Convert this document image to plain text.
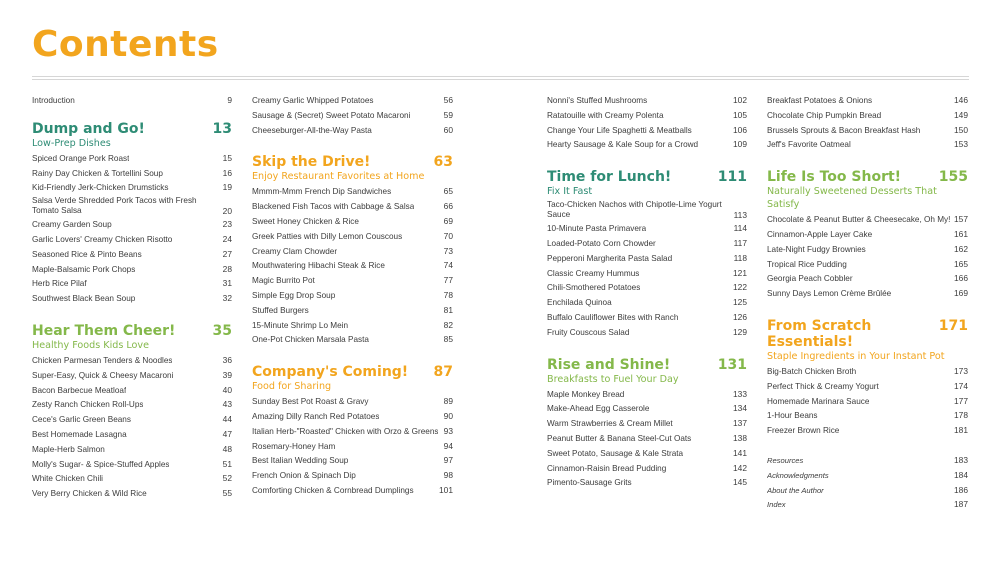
Contents
Introduction	9
Dump and Go!	13
Low-Prep Dishes
Spiced Orange Pork Roast	15
Rainy Day Chicken & Tortellini Soup	16
Kid-Friendly Jerk-Chicken Drumsticks	19
Salsa Verde Shredded Pork Tacos with Fresh Tomato Salsa	20
Creamy Garden Soup	23
Garlic Lovers' Creamy Chicken Risotto	24
Seasoned Rice & Pinto Beans	27
Maple-Balsamic Pork Chops	28
Herb Rice Pilaf	31
Southwest Black Bean Soup	32
Hear Them Cheer!	35
Healthy Foods Kids Love
Chicken Parmesan Tenders & Noodles	36
Super-Easy, Quick & Cheesy Macaroni	39
Bacon Barbecue Meatloaf	40
Zesty Ranch Chicken Roll-Ups	43
Cece's Garlic Green Beans	44
Best Homemade Lasagna	47
Maple-Herb Salmon	48
Molly's Sugar- & Spice-Stuffed Apples	51
White Chicken Chili	52
Very Berry Chicken & Wild Rice	55
Creamy Garlic Whipped Potatoes	56
Sausage & (Secret) Sweet Potato Macaroni	59
Cheeseburger-All-the-Way Pasta	60
Skip the Drive!	63
Enjoy Restaurant Favorites at Home
Mmmm-Mmm French Dip Sandwiches	65
Blackened Fish Tacos with Cabbage & Salsa	66
Sweet Honey Chicken & Rice	69
Greek Patties with Dilly Lemon Couscous	70
Creamy Clam Chowder	73
Mouthwatering Hibachi Steak & Rice	74
Magic Burrito Pot	77
Simple Egg Drop Soup	78
Stuffed Burgers	81
15-Minute Shrimp Lo Mein	82
One-Pot Chicken Marsala Pasta	85
Company's Coming! 87
Food for Sharing
Sunday Best Pot Roast & Gravy	89
Amazing Dilly Ranch Red Potatoes	90
Italian Herb-"Roasted" Chicken with Orzo & Greens 93
Rosemary-Honey Ham	94
Best Italian Wedding Soup	97
French Onion & Spinach Dip	98
Comforting Chicken & Cornbread Dumplings	101
Nonni's Stuffed Mushrooms	102
Ratatouille with Creamy Polenta	105
Change Your Life Spaghetti & Meatballs	106
Hearty Sausage & Kale Soup for a Crowd	109
Time for Lunch!	111
Fix It Fast
Taco-Chicken Nachos with Chipotle-Lime Yogurt Sauce	113
10-Minute Pasta Primavera	114
Loaded-Potato Corn Chowder	117
Pepperoni Margherita Pasta Salad	118
Classic Creamy Hummus	121
Chili-Smothered Potatoes	122
Enchilada Quinoa	125
Buffalo Cauliflower Bites with Ranch	126
Fruity Couscous Salad	129
Rise and Shine!	131
Breakfasts to Fuel Your Day
Maple Monkey Bread	133
Make-Ahead Egg Casserole	134
Warm Strawberries & Cream Millet	137
Peanut Butter & Banana Steel-Cut Oats	138
Sweet Potato, Sausage & Kale Strata	141
Cinnamon-Raisin Bread Pudding	142
Pimento-Sausage Grits	145
Breakfast Potatoes & Onions	146
Chocolate Chip Pumpkin Bread	149
Brussels Sprouts & Bacon Breakfast Hash	150
Jeff's Favorite Oatmeal	153
Life Is Too Short!	155
Naturally Sweetened Desserts That Satisfy
Chocolate & Peanut Butter & Cheesecake, Oh My! 157
Cinnamon-Apple Layer Cake	161
Late-Night Fudgy Brownies	162
Tropical Rice Pudding	165
Georgia Peach Cobbler	166
Sunny Days Lemon Crème Brûlée	169
From Scratch Essentials!
171
Staple Ingredients in Your Instant Pot
Big-Batch Chicken Broth	173
Perfect Thick & Creamy Yogurt	174
Homemade Marinara Sauce	177
1-Hour Beans	178
Freezer Brown Rice	181
Resources	183
Acknowledgments	184
About the Author	186
Index	187
